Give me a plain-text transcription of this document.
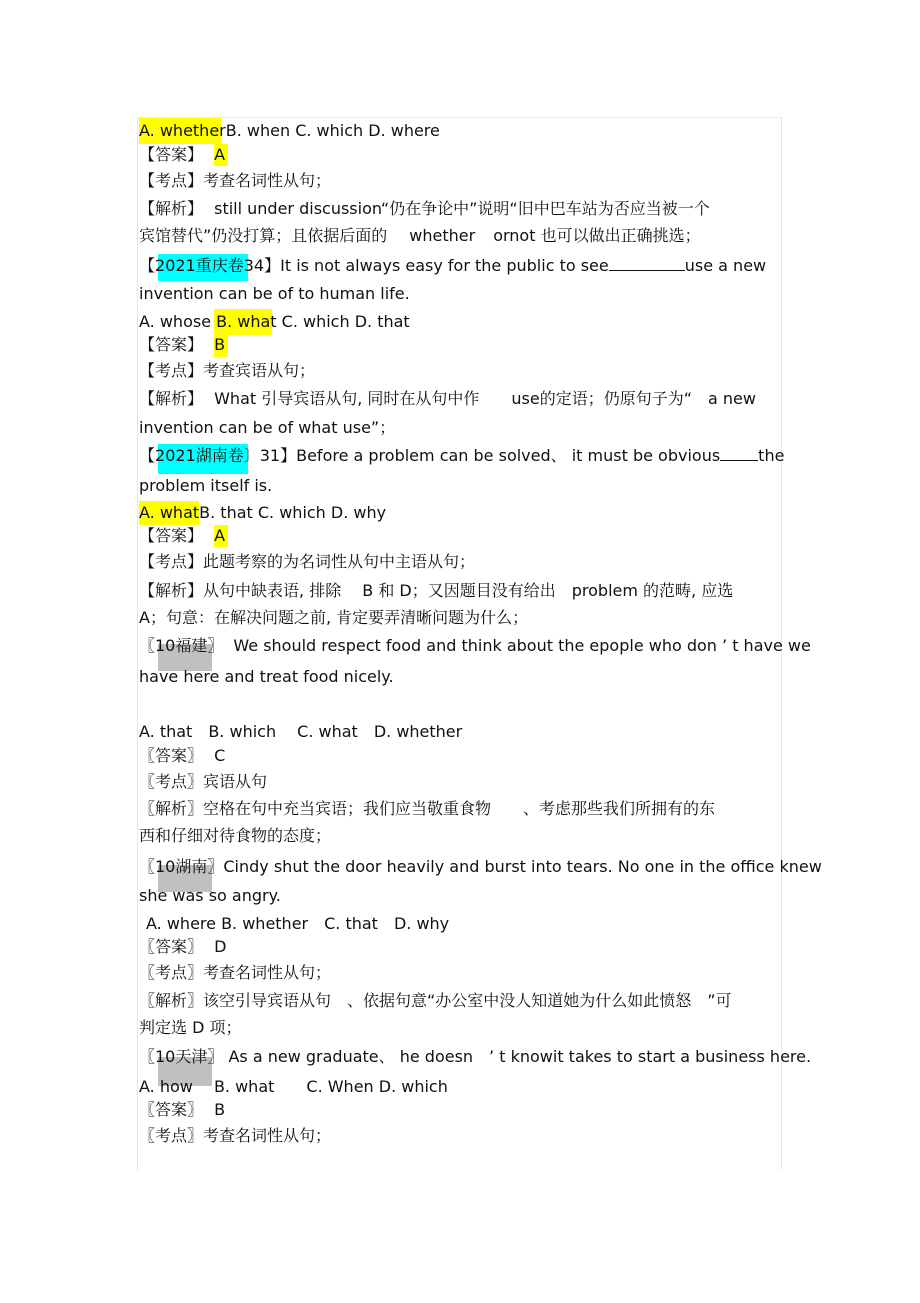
A. whetherB. when C. which D. where
【答案】 A
【考点】考查名词性从句；
【解析】 still under discussion“仍在争论中”说明“旧中巴车站为否应当被一个
宾馆替代”仍没打算；且依据后面的 whether ornot 也可以做出正确挑选；
【2021重庆卷34】It is not always easy for the public to see	use a new
invention can be of to human life.
A. whose B. what C. which D. that
【答案】 B
【考点】考查宾语从句；
【解析】 What 引导宾语从句, 同时在从句中作　　use的定语；仍原句子为“　a new
invention can be of what use”；
【2021湖南卷〕31】Before a problem can be solved、 it must be obvious the
problem itself is.
A. whatB. that C. which D. why
【答案】 A
【考点】此题考察的为名词性从句中主语从句；
【解析】从句中缺表语, 排除　 B 和 D；又因题目没有给出　problem 的范畴, 应选
A；句意：在解决问题之前, 肯定要弄清晰问题为什么；
〖10福建〗 We should respect food and think about the epople who don ’ t have we
have here and treat food nicely.
A. that　B. which　 C. what　D. whether
〖答案〗 C
〖考点〗宾语从句
〖解析〗空格在句中充当宾语；我们应当敬重食物　　、考虑那些我们所拥有的东
西和仔细对待食物的态度；
〖10湖南〗Cindy shut the door heavily and burst into tears. No one in the office knew
she was so angry.
A. where B. whether　C. that　D. why
〖答案〗 D
〖考点〗考查名词性从句；
〖解析〗该空引导宾语从句　、依据句意“办公室中没人知道她为什么如此愤怒　”可
判定选 D 项；
〖10天津〗 As a new graduate、 he doesn　’ t knowit takes to start a business here.
A. how　 B. what　　C. When D. which
〖答案〗 B
〖考点〗考查名词性从句；
